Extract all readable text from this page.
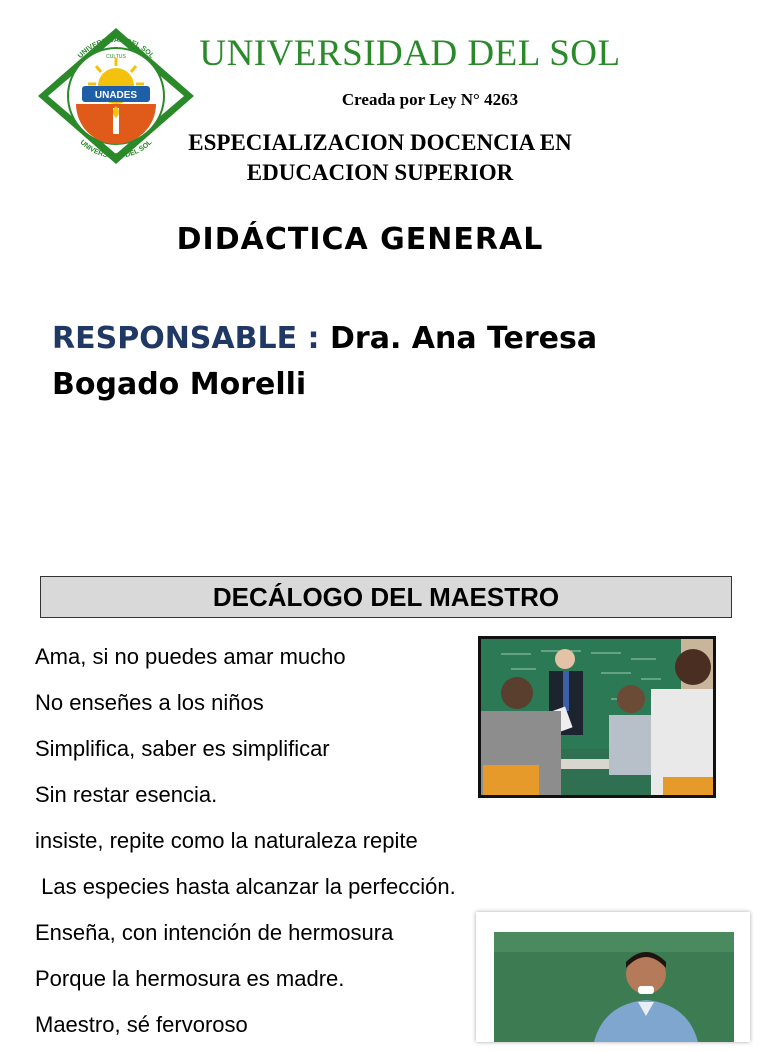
UNADES
UNIVERSIDAD DEL SOL
UNIVERSIDAD DEL SOL
CULTUS	UNIVERSIDAD DEL SOL
Creada por Ley N° 4263
ESPECIALIZACION DOCENCIA EN
EDUCACION SUPERIOR
DIDÁCTICA GENERAL
RESPONSABLE : Dra. Ana Teresa
Bogado Morelli
DECÁLOGO DEL MAESTRO
Ama, si no puedes amar mucho
No enseñes a los niños
Simplifica, saber es simplificar
Sin restar esencia.
insiste, repite como la naturaleza repite
Las especies hasta alcanzar la perfección.
Enseña, con intención de hermosura
Porque la hermosura es madre.
Maestro, sé fervoroso
